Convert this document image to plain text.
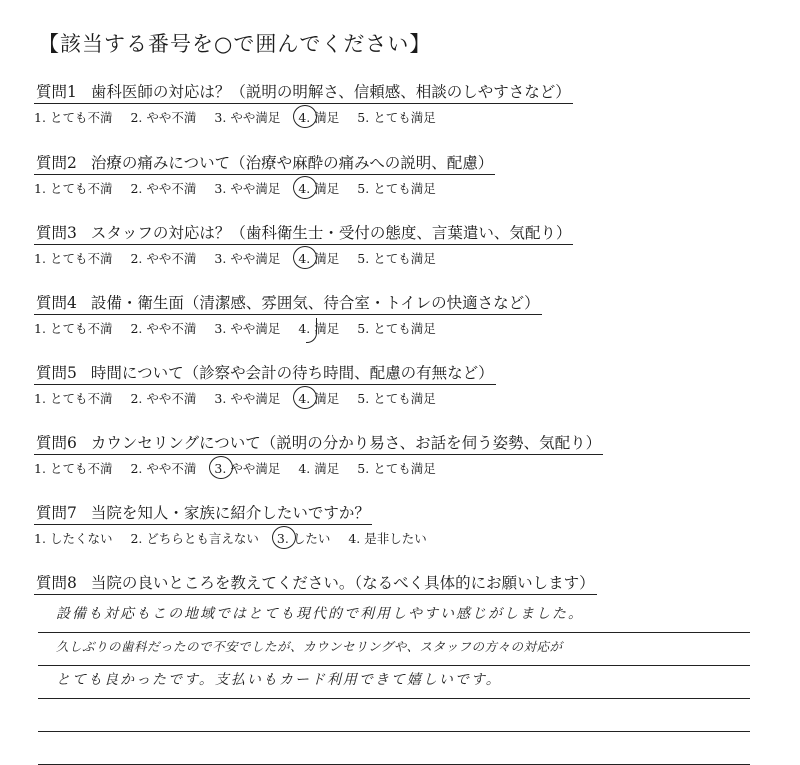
【該当する番号を○で囲んでください】
質問1 歯科医師の対応は？（説明の明解さ、信頼感、相談のしやすさなど）
1. とても不満 2. やや不満 3. やや満足 4. 満足 5. とても満足
質問2 治療の痛みについて（治療や麻酔の痛みへの説明、配慮）
1. とても不満 2. やや不満 3. やや満足 4. 満足 5. とても満足
質問3 スタッフの対応は？（歯科衛生士・受付の態度、言葉遣い、気配り）
1. とても不満 2. やや不満 3. やや満足 4. 満足 5. とても満足
質問4 設備・衛生面（清潔感、雰囲気、待合室・トイレの快適さなど）
1. とても不満 2. やや不満 3. やや満足 4. 満足 5. とても満足
質問5 時間について（診察や会計の待ち時間、配慮の有無など）
1. とても不満 2. やや不満 3. やや満足 4. 満足 5. とても満足
質問6 カウンセリングについて（説明の分かり易さ、お話を伺う姿勢、気配り）
1. とても不満 2. やや不満 3. やや満足 4. 満足 5. とても満足
質問7 当院を知人・家族に紹介したいですか？
1. したくない 2. どちらとも言えない 3. したい 4. 是非したい
質問8 当院の良いところを教えてください。（なるべく具体的にお願いします）
設備も対応もこの地域ではとても現代的で利用しやすい感じがしました。
久しぶりの歯科だったので不安でしたが、カウンセリングや、スタッフの方々の対応が
とても良かったです。支払いもカード利用できて嬉しいです。
